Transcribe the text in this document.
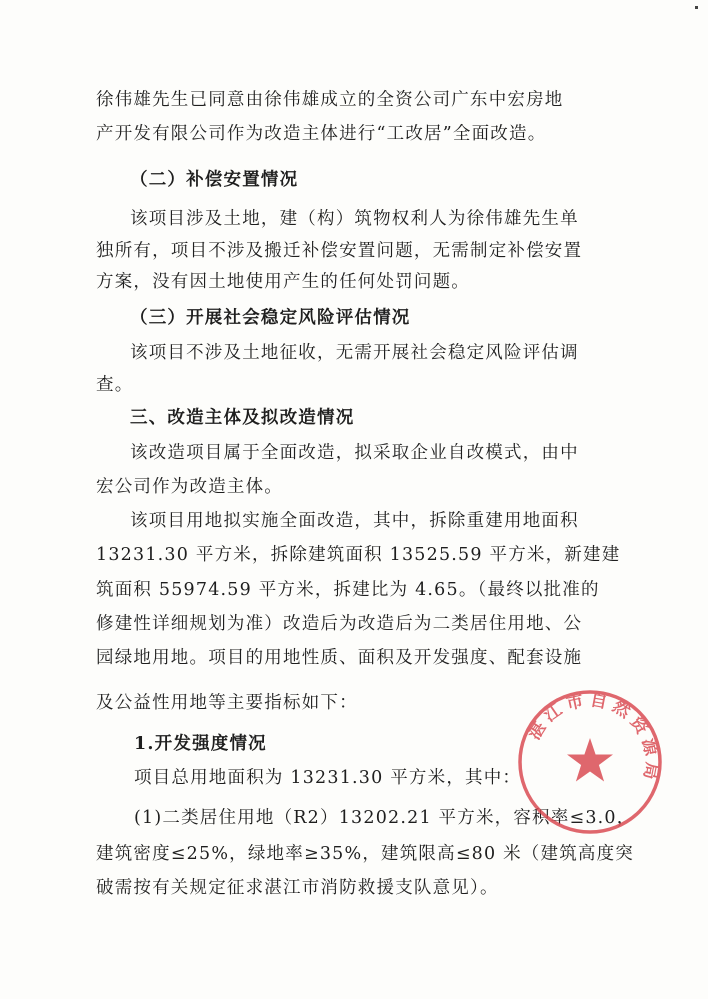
徐伟雄先生已同意由徐伟雄成立的全资公司广东中宏房地
产开发有限公司作为改造主体进行“工改居”全面改造。
（二）补偿安置情况
该项目涉及土地，建（构）筑物权利人为徐伟雄先生单
独所有，项目不涉及搬迁补偿安置问题，无需制定补偿安置
方案，没有因土地使用产生的任何处罚问题。
（三）开展社会稳定风险评估情况
该项目不涉及土地征收，无需开展社会稳定风险评估调
查。
三、改造主体及拟改造情况
该改造项目属于全面改造，拟采取企业自改模式，由中
宏公司作为改造主体。
该项目用地拟实施全面改造，其中，拆除重建用地面积
13231.30 平方米，拆除建筑面积 13525.59 平方米，新建建
筑面积 55974.59 平方米，拆建比为 4.65。（最终以批准的
修建性详细规划为准）改造后为改造后为二类居住用地、公
园绿地用地。项目的用地性质、面积及开发强度、配套设施
及公益性用地等主要指标如下：
1.开发强度情况
项目总用地面积为 13231.30 平方米，其中：
(1)二类居住用地（R2）13202.21 平方米，容积率≤3.0，
建筑密度≤25%，绿地率≥35%，建筑限高≤80 米（建筑高度突
破需按有关规定征求湛江市消防救援支队意见）。
湛江市自然资源局
